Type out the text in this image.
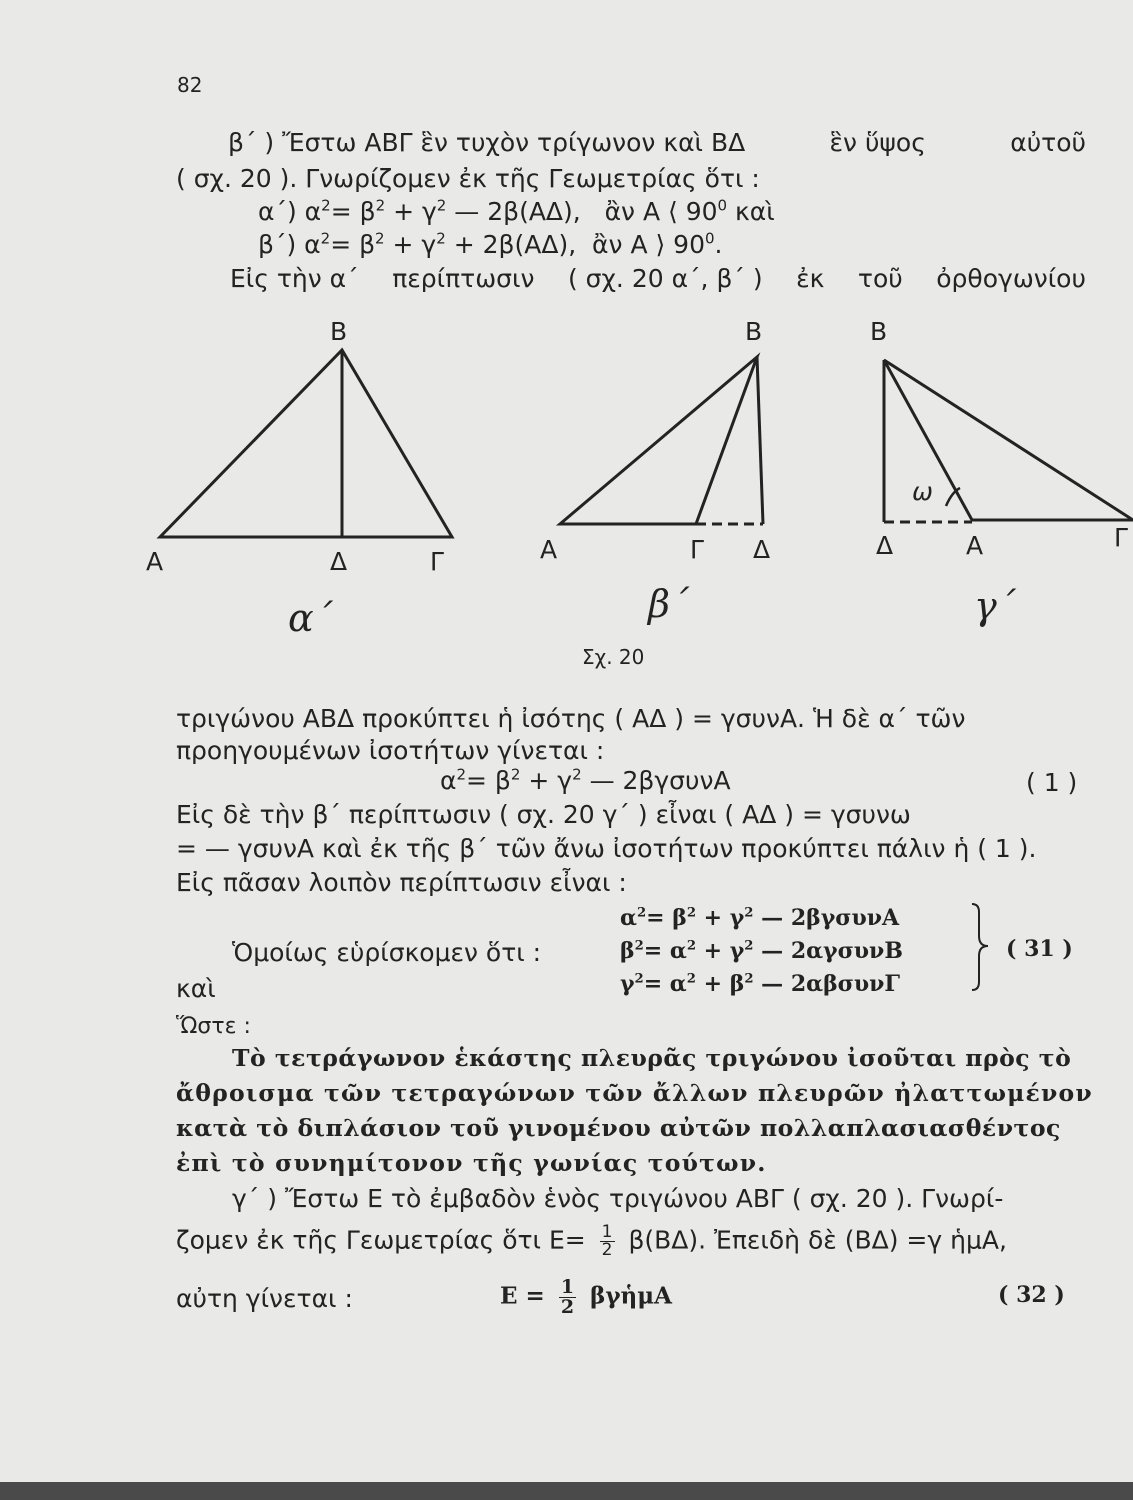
82
β΄ ) Ἔστω ΑΒΓ ἓν τυχὸν τρίγωνον καὶ ΒΔ	ἓν ὕψος	αὐτοῦ
( σχ. 20 ). Γνωρίζομεν ἐκ τῆς Γεωμετρίας ὅτι :
α΄) $\alpha^2= \beta^2 + \gamma^2$ — 2β(ΑΔ), ἂν Α ⟨ $90^0$ καὶ
β΄) $\alpha^2= \beta^2 + \gamma^2 + 2\beta(A\Delta)$, ἂν Α ⟩ $90^0$.
Εἰς τὴν α΄ περίπτωσιν ( σχ. 20 α΄, β΄ ) ἐκ τοῦ ὀρθογωνίου
Β
Α	Δ	Γ
α΄
Β
Α	Γ Δ
β΄
Β
Δ	Α	Γ
ω
γ΄
Σχ. 20
τριγώνου ΑΒΔ προκύπτει ἡ ἰσότης ( ΑΔ ) = γσυνΑ. Ἡ δὲ α΄ τῶν
προηγουμένων ἰσοτήτων γίνεται :
$\alpha^2= \beta^2 + \gamma^2$ — 2βγσυνΑ	( 1 )
Εἰς δὲ τὴν β΄ περίπτωσιν ( σχ. 20 γ΄ ) εἶναι ( ΑΔ ) = γσυνω
= — γσυνΑ καὶ ἐκ τῆς β΄ τῶν ἄνω ἰσοτήτων προκύπτει πάλιν ἡ ( 1 ).
Εἰς πᾶσαν λοιπὸν περίπτωσιν εἶναι :
$\alpha^2= \beta^2 + \gamma^2$ — 2βγσυνΑ
$\beta^2= \alpha^2 + \gamma^2$ — 2αγσυνΒ
$\gamma^2= \alpha^2 + \beta^2$ — 2αβσυνΓ
( 31 )
Ὁμοίως εὑρίσκομεν ὅτι :
καὶ
Ὥστε :
Τὸ τετράγωνον ἑκάστης πλευρᾶς τριγώνου ἰσοῦται πρὸς τὸ
ἄθροισμα τῶν τετραγώνων τῶν ἄλλων πλευρῶν ἠλαττωμένον
κατὰ τὸ διπλάσιον τοῦ γινομένου αὐτῶν πολλαπλασιασθέντος
ἐπὶ τὸ συνημίτονον τῆς γωνίας τούτων.
γ΄ ) Ἔστω Ε τὸ ἐμβαδὸν ἑνὸς τριγώνου ΑΒΓ ( σχ. 20 ). Γνωρί-
ζομεν ἐκ τῆς Γεωμετρίας ὅτι $E= \frac{1}{2} \beta(B\Delta)$. Ἐπειδὴ δὲ (ΒΔ) =γ ἡμΑ,
αὐτη γίνεται :	$E = \frac{1}{2}$ βγἡμΑ	( 32 )
